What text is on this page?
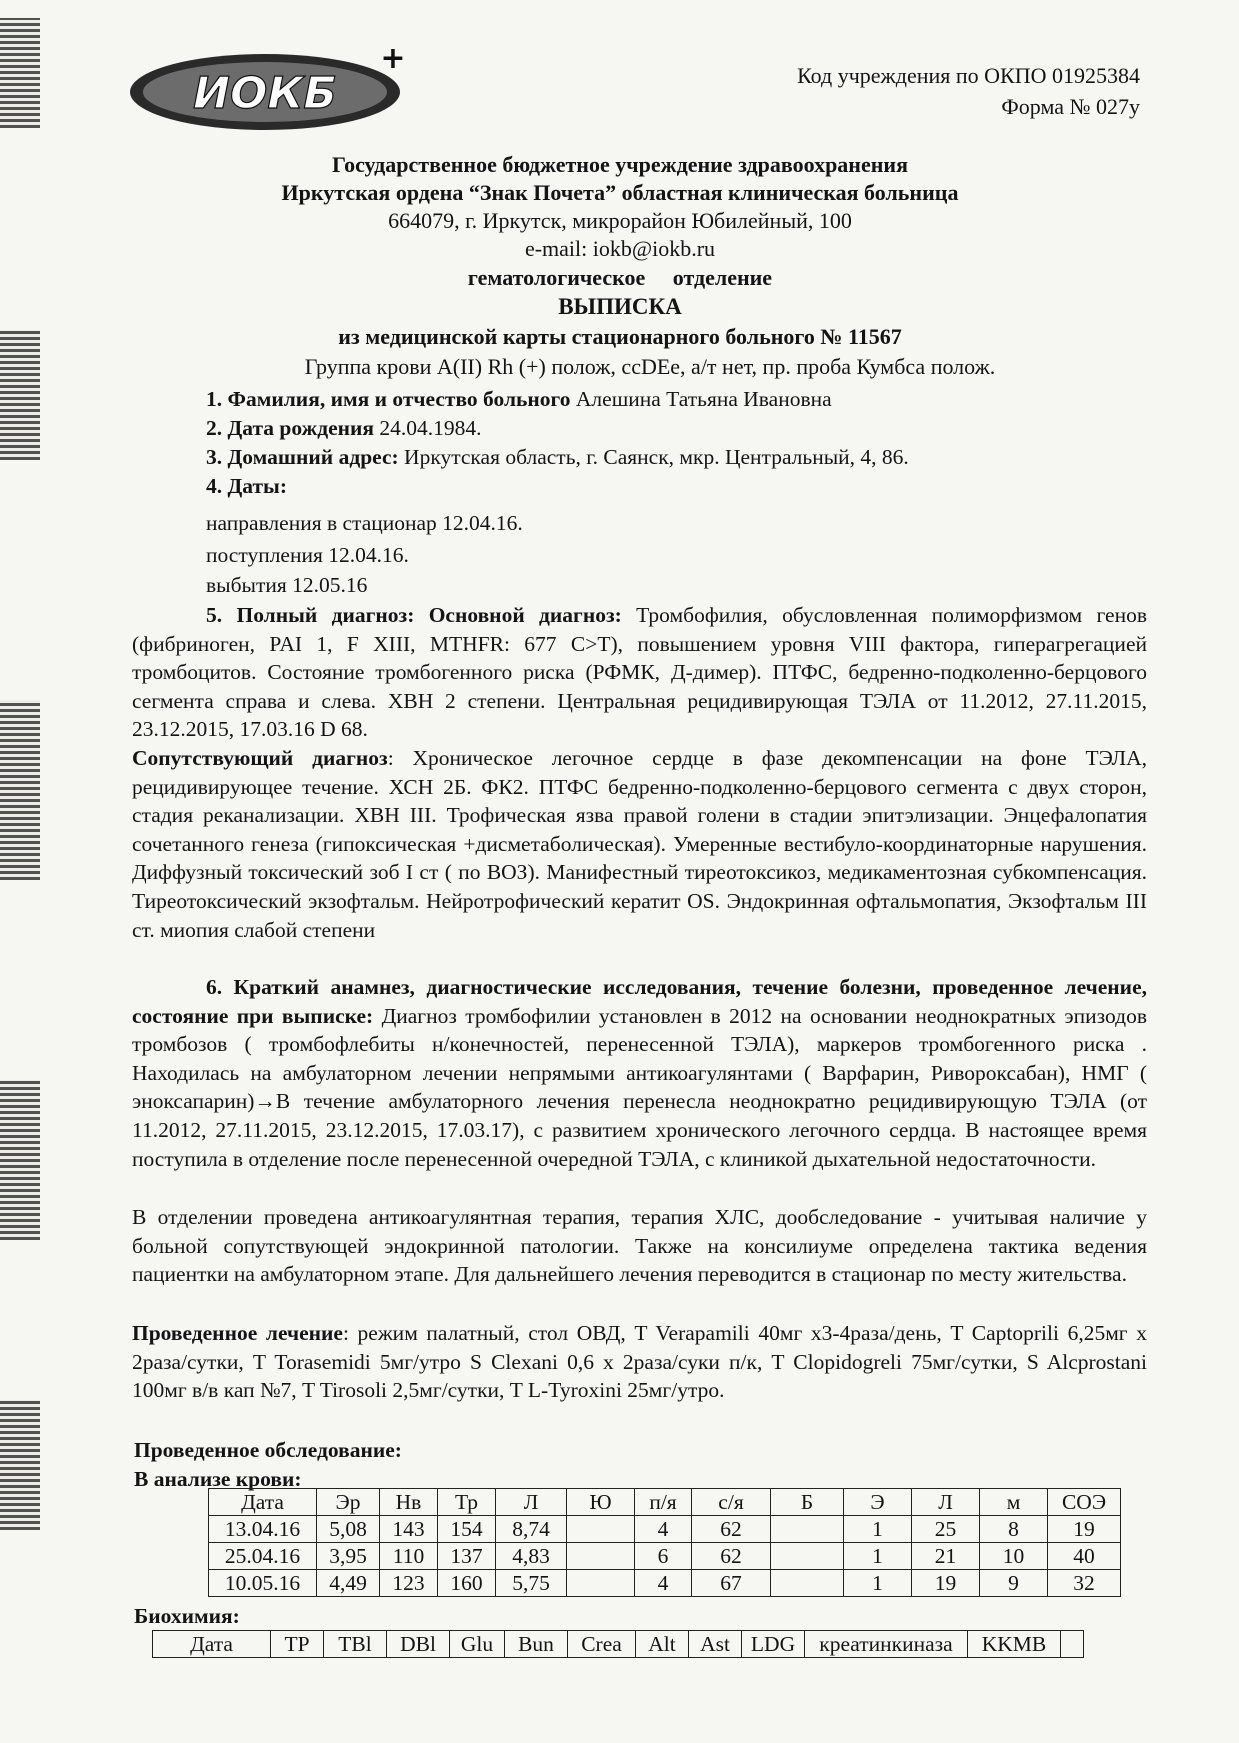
ИОКБ
+	Код учреждения по ОКПО 01925384
Форма № 027у
Государственное бюджетное учреждение здравоохранения
Иркутская ордена “Знак Почета” областная клиническая больница
664079, г. Иркутск, микрорайон Юбилейный, 100
e-mail: iokb@iokb.ru
гематологическое     отделение
ВЫПИСКА
из медицинской карты стационарного больного № 11567
Группа крови A(II) Rh (+) полож, ccDEe, а/т нет, пр. проба Кумбса полож.
1. Фамилия, имя и отчество больного Алешина Татьяна Ивановна
2. Дата рождения 24.04.1984.
3. Домашний адрес: Иркутская область, г. Саянск, мкр. Центральный, 4, 86.
4. Даты:
направления в стационар 12.04.16.
поступления 12.04.16.
выбытия 12.05.16
5. Полный диагноз: Основной диагноз: Тромбофилия, обусловленная полиморфизмом генов (фибриноген, PAI 1, F XIII, MTHFR: 677 C>T), повышением уровня VIII фактора, гиперагрегацией тромбоцитов. Состояние тромбогенного риска (РФМК, Д-димер). ПТФС, бедренно-подколенно-берцового сегмента справа и слева. ХВН 2 степени. Центральная рецидивирующая ТЭЛА от 11.2012, 27.11.2015, 23.12.2015, 17.03.16 D 68.
Сопутствующий диагноз: Хроническое легочное сердце в фазе декомпенсации на фоне ТЭЛА, рецидивирующее течение. ХСН 2Б. ФК2. ПТФС бедренно-подколенно-берцового сегмента с двух сторон, стадия реканализации. ХВН III. Трофическая язва правой голени в стадии эпитэлизации. Энцефалопатия сочетанного генеза (гипоксическая +дисметаболическая). Умеренные вестибуло-координаторные нарушения. Диффузный токсический зоб I ст ( по ВОЗ). Манифестный тиреотоксикоз, медикаментозная субкомпенсация. Тиреотоксический экзофтальм. Нейротрофический кератит OS. Эндокринная офтальмопатия, Экзофтальм III ст. миопия слабой степени
6. Краткий анамнез, диагностические исследования, течение болезни, проведенное лечение, состояние при выписке: Диагноз тромбофилии установлен в 2012 на основании неоднократных эпизодов тромбозов ( тромбофлебиты н/конечностей, перенесенной ТЭЛА), маркеров тромбогенного риска . Находилась на амбулаторном лечении непрямыми антикоагулянтами ( Варфарин, Ривороксабан), НМГ ( эноксапарин)→В течение амбулаторного лечения перенесла неоднократно рецидивирующую ТЭЛА (от 11.2012, 27.11.2015, 23.12.2015, 17.03.17), с развитием хронического легочного сердца. В настоящее время поступила в отделение после перенесенной очередной ТЭЛА, с клиникой дыхательной недостаточности.
В отделении проведена антикоагулянтная терапия, терапия ХЛС, дообследование - учитывая наличие у больной сопутствующей эндокринной патологии. Также на консилиуме определена тактика ведения пациентки на амбулаторном этапе. Для дальнейшего лечения переводится в стационар по месту жительства.
Проведенное лечение: режим палатный, стол ОВД, T Verapamili 40мг х3-4раза/день, T Captoprili 6,25мг х 2раза/сутки, T Torasemidi 5мг/утро S Clexani 0,6 х 2раза/суки п/к, T Clopidogreli 75мг/сутки, S Alcprostani 100мг в/в кап №7, T Tirosoli 2,5мг/сутки, T L-Tyroxini 25мг/утро.
Проведенное обследование:
В анализе крови:
Дата	Эр	Нв	Тр	Л	Ю	п/я	с/я	Б	Э	Л	м	СОЭ
13.04.16	5,08	143	154	8,74		4	62		1	25	8	19
25.04.16	3,95	110	137	4,83		6	62		1	21	10	40
10.05.16	4,49	123	160	5,75		4	67		1	19	9	32
Биохимия:
Дата	TP	TBl	DBl	Glu	Bun	Crea	Alt	Ast	LDG	креатинкиназа	KKMB	
